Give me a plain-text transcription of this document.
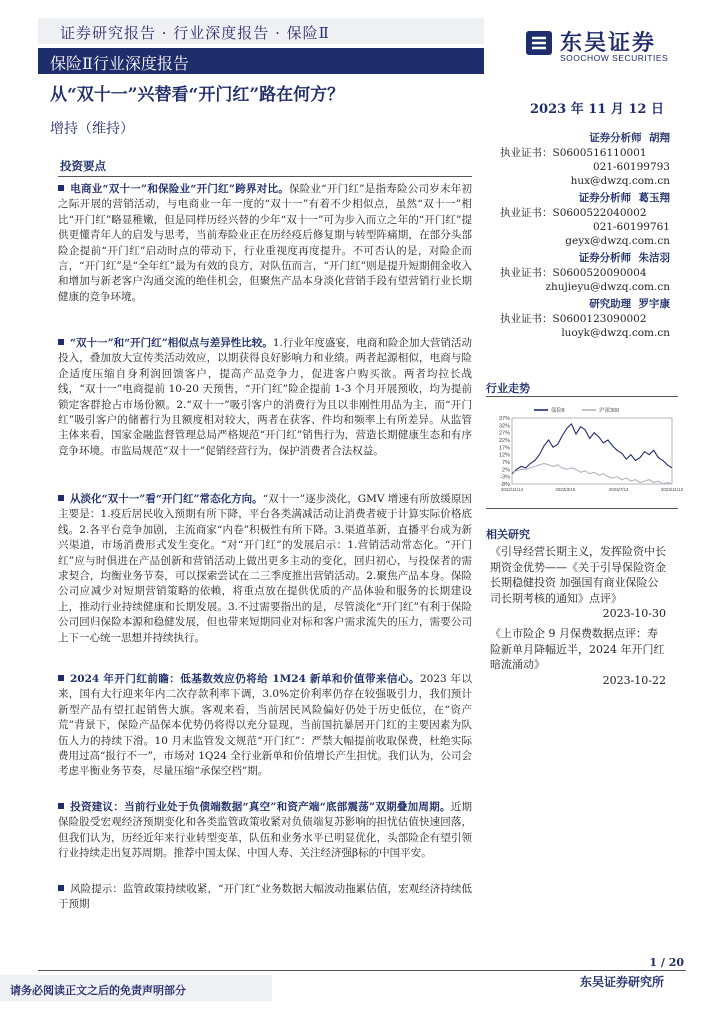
证券研究报告 · 行业深度报告 · 保险Ⅱ
保险Ⅱ行业深度报告
东吴证券
SOOCHOW SECURITIES
从“双十一”兴替看“开门红”路在何方？
2023 年 11 月 12 日
增持（维持）
投资要点
电商业“双十一”和保险业“开门红”跨界对比。保险业“开门红”是指寿险公司岁末年初之际开展的营销活动，与电商业一年一度的“双十一”有着不少相似点，虽然“双十一”相比“开门红”略显稚嫩，但是同样历经兴替的少年“双十一”可为步入而立之年的“开门红”提供更懂青年人的启发与思考，当前寿险业正在历经疫后修复期与转型阵痛期，在部分头部险企提前“开门红”启动时点的带动下，行业重视度再度提升。不可否认的是，对险企而言，“开门红”是“全年红”最为有效的良方，对队伍而言，“开门红”则是提升短期佣金收入和增加与新老客户沟通交流的绝佳机会，但聚焦产品本身淡化营销手段有望营销行业长期健康的竞争环境。
“双十一”和“开门红”相似点与差异性比较。1.行业年度盛宴，电商和险企加大营销活动投入，叠加放大宣传类活动效应，以期获得良好影响力和业绩。两者起源相似，电商与险企适度压缩自身利润回馈客户，提高产品竞争力，促进客户购买欲。两者均拉长战线，“双十一”电商提前 10-20 天预售，“开门红”险企提前 1-3 个月开展预收，均为提前锁定客群抢占市场份额。2.“双十一”吸引客户的消费行为且以非刚性用品为主，而“开门红”吸引客户的储蓄行为且额度相对较大，两者在获客、件均和频率上有所差异。从监管主体来看，国家金融监督管理总局严格规范“开门红”销售行为，营造长期健康生态和有序竞争环境。市监局规范“双十一”促销经营行为，保护消费者合法权益。
从淡化“双十一”看“开门红”常态化方向。“双十一”逐步淡化，GMV 增速有所放缓原因主要是：1.疫后居民收入预期有所下降，平台各类满减活动让消费者疲于计算实际价格底线。2.各平台竞争加剧，主流商家“内卷”积极性有所下降。3.渠道革新，直播平台成为新兴渠道，市场消费形式发生变化。“对“开门红”的发展启示：1.营销活动常态化。“开门红”应与时俱进在产品创新和营销活动上做出更多主动的变化，回归初心，与投保者的需求契合，均衡业务节奏，可以探索尝试在二三季度推出营销活动。2.聚焦产品本身。保险公司应减少对短期营销策略的依赖，将重点放在提供优质的产品体验和服务的长期建设上，推动行业持续健康和长期发展。3.不过需要指出的是，尽管淡化“开门红”有利于保险公司回归保险本源和稳健发展，但也带来短期同业对标和客户需求流失的压力，需要公司上下一心统一思想并持续执行。
2024 年开门红前瞻：低基数效应仍将给 1M24 新单和价值带来信心。2023 年以来，国有大行迎来年内二次存款利率下调，3.0%定价利率仍存在较强吸引力，我们预计新型产品有望扛起销售大旗。客观来看，当前居民风险偏好仍处于历史低位，在“资产荒”背景下，保险产品保本优势仍将得以充分显现，当前国抗暴居开门红的主要因素为队伍人力的持续下滑。10 月末监管发文规范“开门红”：严禁大幅提前收取保费，杜绝实际费用过高“报行不一”，市场对 1Q24 全行业新单和价值增长产生担忧。我们认为，公司会考虑平衡业务节奏，尽量压缩“承保空档”期。
投资建议：当前行业处于负债端数据“真空”和资产端“底部震荡”双期叠加周期。近期保险股受宏观经济预期变化和各类监管政策收紧对负债端复苏影响的担忧估值快速回落，但我们认为，历经近年来行业转型变革，队伍和业务水平已明显优化，头部险企有望引领行业持续走出复苏周期。推荐中国太保、中国人寿、关注经济强β标的中国平安。
风险提示：监管政策持续收紧，“开门红”业务数据大幅波动拖累估值，宏观经济持续低于预期
证券分析师 胡翔
执业证书：S0600516110001
021-60199793
hux@dwzq.com.cn
证券分析师 葛玉翔
执业证书：S0600522040002
021-60199761
geyx@dwzq.com.cn
证券分析师 朱洁羽
执业证书：S0600520090004
zhujieyu@dwzq.com.cn
研究助理 罗宇康
执业证书：S0600123090002
luoyk@dwzq.com.cn
行业走势
37%
32%
27%
22%
17%
12%
7%
2%
-3%
-8%
2022/11/14	2023/3/15	2023/7/14	2023/11/12
保险Ⅱ	沪深300
相关研究
《引导经营长期主义，发挥险资中长期资金优势——《关于引导保险资金长期稳健投资 加强国有商业保险公司长期考核的通知》点评》
2023-10-30
《上市险企 9 月保费数据点评：寿险新单月降幅近半，2024 年开门红暗流涌动》
2023-10-22
1 / 20
请务必阅读正文之后的免责声明部分
东吴证券研究所
